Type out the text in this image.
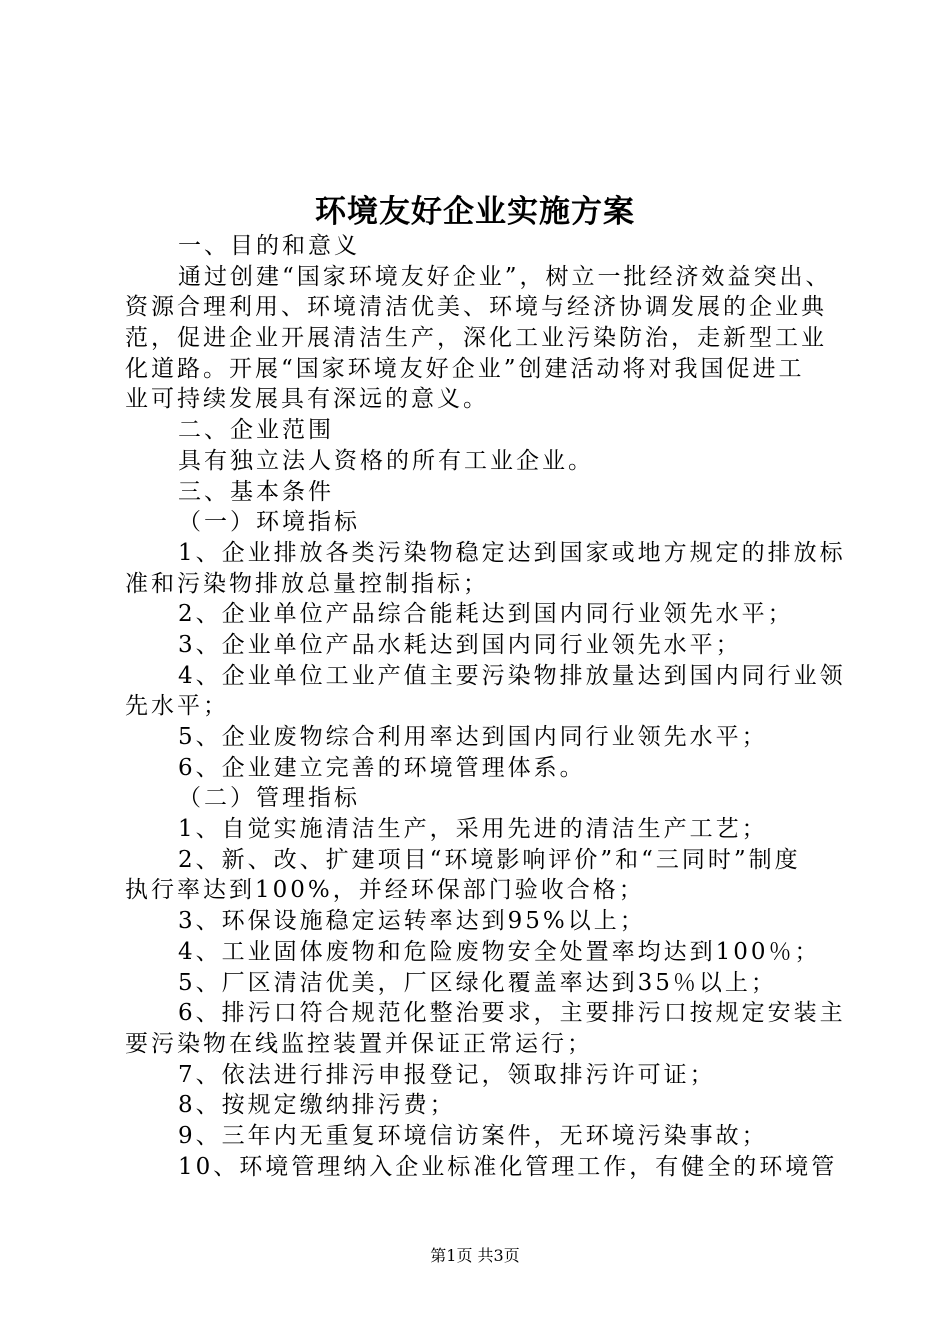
环境友好企业实施方案
一、目的和意义
通过创建“国家环境友好企业”，树立一批经济效益突出、
资源合理利用、环境清洁优美、环境与经济协调发展的企业典
范，促进企业开展清洁生产，深化工业污染防治，走新型工业
化道路。开展“国家环境友好企业”创建活动将对我国促进工
业可持续发展具有深远的意义。
二、企业范围
具有独立法人资格的所有工业企业。
三、基本条件
（一）环境指标
1、企业排放各类污染物稳定达到国家或地方规定的排放标
准和污染物排放总量控制指标；
2、企业单位产品综合能耗达到国内同行业领先水平；
3、企业单位产品水耗达到国内同行业领先水平；
4、企业单位工业产值主要污染物排放量达到国内同行业领
先水平；
5、企业废物综合利用率达到国内同行业领先水平；
6、企业建立完善的环境管理体系。
（二）管理指标
1、自觉实施清洁生产，采用先进的清洁生产工艺；
2、新、改、扩建项目“环境影响评价”和“三同时”制度
执行率达到100%，并经环保部门验收合格；
3、环保设施稳定运转率达到95%以上；
4、工业固体废物和危险废物安全处置率均达到100％；
5、厂区清洁优美，厂区绿化覆盖率达到35％以上；
6、排污口符合规范化整治要求，主要排污口按规定安装主
要污染物在线监控装置并保证正常运行；
7、依法进行排污申报登记，领取排污许可证；
8、按规定缴纳排污费；
9、三年内无重复环境信访案件，无环境污染事故；
10、环境管理纳入企业标准化管理工作，有健全的环境管
第1页 共3页
